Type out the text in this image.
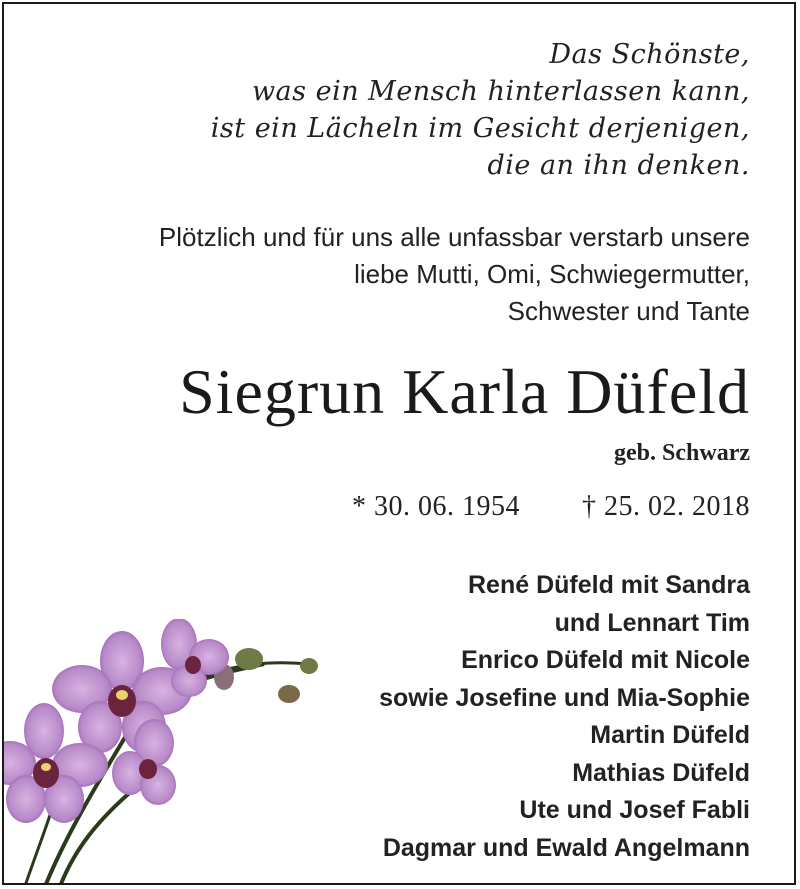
Das Schönste,
was ein Mensch hinterlassen kann,
ist ein Lächeln im Gesicht derjenigen,
die an ihn denken.
Plötzlich und für uns alle unfassbar verstarb unsere
liebe Mutti, Omi, Schwiegermutter,
Schwester und Tante
Siegrun Karla Düfeld
geb. Schwarz
* 30. 06. 1954 † 25. 02. 2018
René Düfeld mit Sandra
und Lennart Tim
Enrico Düfeld mit Nicole
sowie Josefine und Mia-Sophie
Martin Düfeld
Mathias Düfeld
Ute und Josef Fabli
Dagmar und Ewald Angelmann
